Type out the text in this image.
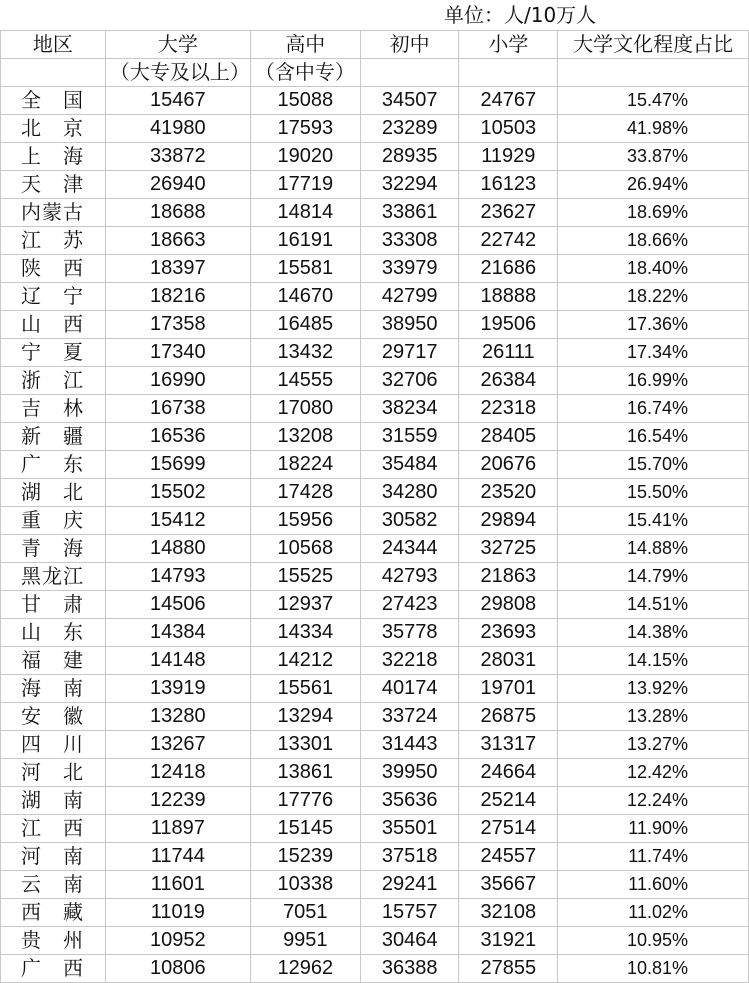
单位：人/10万人
地区	大学	高中	初中	小学	大学文化程度占比
	（大专及以上）	（含中专）			
全　国	15467	15088	34507	24767	15.47%
北　京	41980	17593	23289	10503	41.98%
上　海	33872	19020	28935	11929	33.87%
天　津	26940	17719	32294	16123	26.94%
内蒙古	18688	14814	33861	23627	18.69%
江　苏	18663	16191	33308	22742	18.66%
陕　西	18397	15581	33979	21686	18.40%
辽　宁	18216	14670	42799	18888	18.22%
山　西	17358	16485	38950	19506	17.36%
宁　夏	17340	13432	29717	26111	17.34%
浙　江	16990	14555	32706	26384	16.99%
吉　林	16738	17080	38234	22318	16.74%
新　疆	16536	13208	31559	28405	16.54%
广　东	15699	18224	35484	20676	15.70%
湖　北	15502	17428	34280	23520	15.50%
重　庆	15412	15956	30582	29894	15.41%
青　海	14880	10568	24344	32725	14.88%
黑龙江	14793	15525	42793	21863	14.79%
甘　肃	14506	12937	27423	29808	14.51%
山　东	14384	14334	35778	23693	14.38%
福　建	14148	14212	32218	28031	14.15%
海　南	13919	15561	40174	19701	13.92%
安　徽	13280	13294	33724	26875	13.28%
四　川	13267	13301	31443	31317	13.27%
河　北	12418	13861	39950	24664	12.42%
湖　南	12239	17776	35636	25214	12.24%
江　西	11897	15145	35501	27514	11.90%
河　南	11744	15239	37518	24557	11.74%
云　南	11601	10338	29241	35667	11.60%
西　藏	11019	7051	15757	32108	11.02%
贵　州	10952	9951	30464	31921	10.95%
广　西	10806	12962	36388	27855	10.81%
